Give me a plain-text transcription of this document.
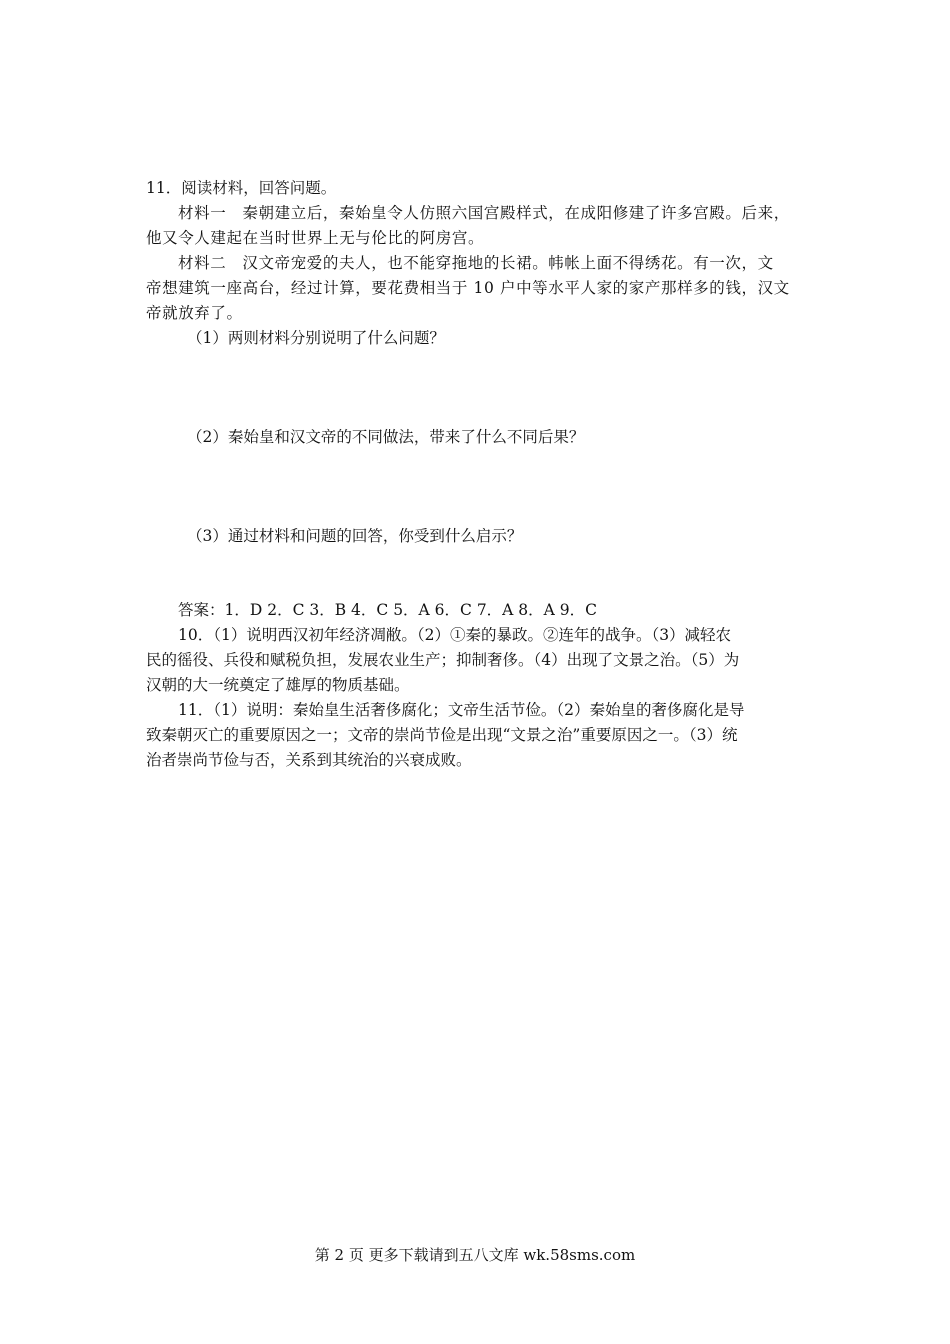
11．阅读材料，回答问题。
材料一　秦朝建立后，秦始皇令人仿照六国宫殿样式，在成阳修建了许多宫殿。后来，
他又令人建起在当时世界上无与伦比的阿房宫。
材料二　汉文帝宠爱的夫人，也不能穿拖地的长裙。帏帐上面不得绣花。有一次，文
帝想建筑一座高台，经过计算，要花费相当于 10 户中等水平人家的家产那样多的钱，汉文
帝就放弃了。
（1）两则材料分别说明了什么问题？
（2）秦始皇和汉文帝的不同做法，带来了什么不同后果？
（3）通过材料和问题的回答，你受到什么启示？
答案：1．D 2．C 3．B 4．C 5．A 6．C 7．A 8．A 9．C
10．（1）说明西汉初年经济凋敝。（2）①秦的暴政。②连年的战争。（3）减轻农
民的徭役、兵役和赋税负担，发展农业生产；抑制奢侈。（4）出现了文景之治。（5）为
汉朝的大一统奠定了雄厚的物质基础。
11．（1）说明：秦始皇生活奢侈腐化；文帝生活节俭。（2）秦始皇的奢侈腐化是导
致秦朝灭亡的重要原因之一；文帝的崇尚节俭是出现“文景之治”重要原因之一。（3）统
治者崇尚节俭与否，关系到其统治的兴衰成败。
第 2 页 更多下载请到五八文库 wk.58sms.com
